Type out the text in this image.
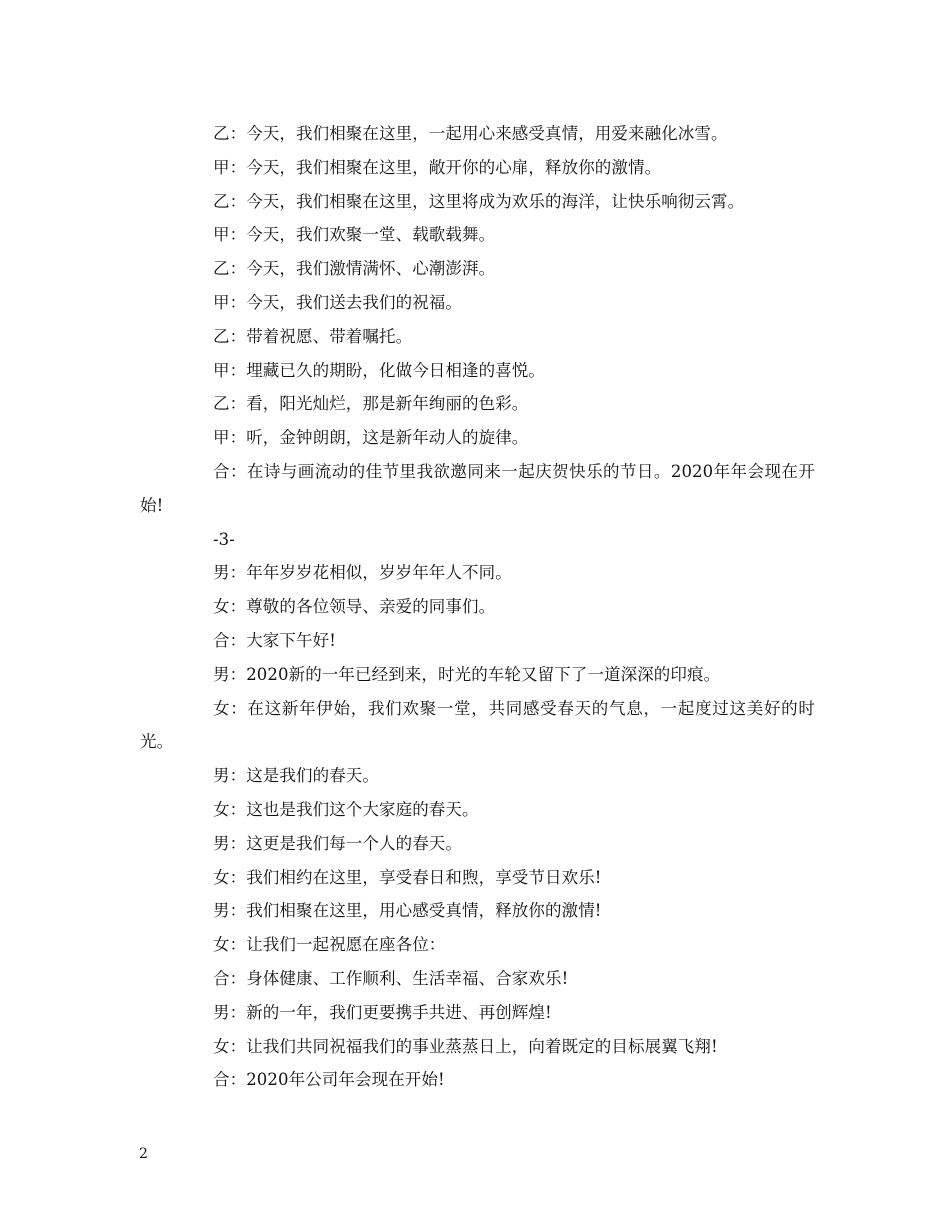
乙：今天，我们相聚在这里，一起用心来感受真情，用爱来融化冰雪。

甲：今天，我们相聚在这里，敞开你的心扉，释放你的激情。

乙：今天，我们相聚在这里，这里将成为欢乐的海洋，让快乐响彻云霄。

甲：今天，我们欢聚一堂、载歌载舞。

乙：今天，我们激情满怀、心潮澎湃。

甲：今天，我们送去我们的祝福。

乙：带着祝愿、带着嘱托。

甲：埋藏已久的期盼，化做今日相逢的喜悦。

乙：看，阳光灿烂，那是新年绚丽的色彩。

甲：听，金钟朗朗，这是新年动人的旋律。

合：在诗与画流动的佳节里我欲邀同来一起庆贺快乐的节日。2020年年会现在开始!

-3-

男：年年岁岁花相似，岁岁年年人不同。

女：尊敬的各位领导、亲爱的同事们。

合：大家下午好!

男：2020新的一年已经到来，时光的车轮又留下了一道深深的印痕。

女：在这新年伊始，我们欢聚一堂，共同感受春天的气息，一起度过这美好的时光。

男：这是我们的春天。

女：这也是我们这个大家庭的春天。

男：这更是我们每一个人的春天。

女：我们相约在这里，享受春日和煦，享受节日欢乐!

男：我们相聚在这里，用心感受真情，释放你的激情!

女：让我们一起祝愿在座各位：

合：身体健康、工作顺利、生活幸福、合家欢乐!

男：新的一年，我们更要携手共进、再创辉煌!

女：让我们共同祝福我们的事业蒸蒸日上，向着既定的目标展翼飞翔!

合：2020年公司年会现在开始!

2
